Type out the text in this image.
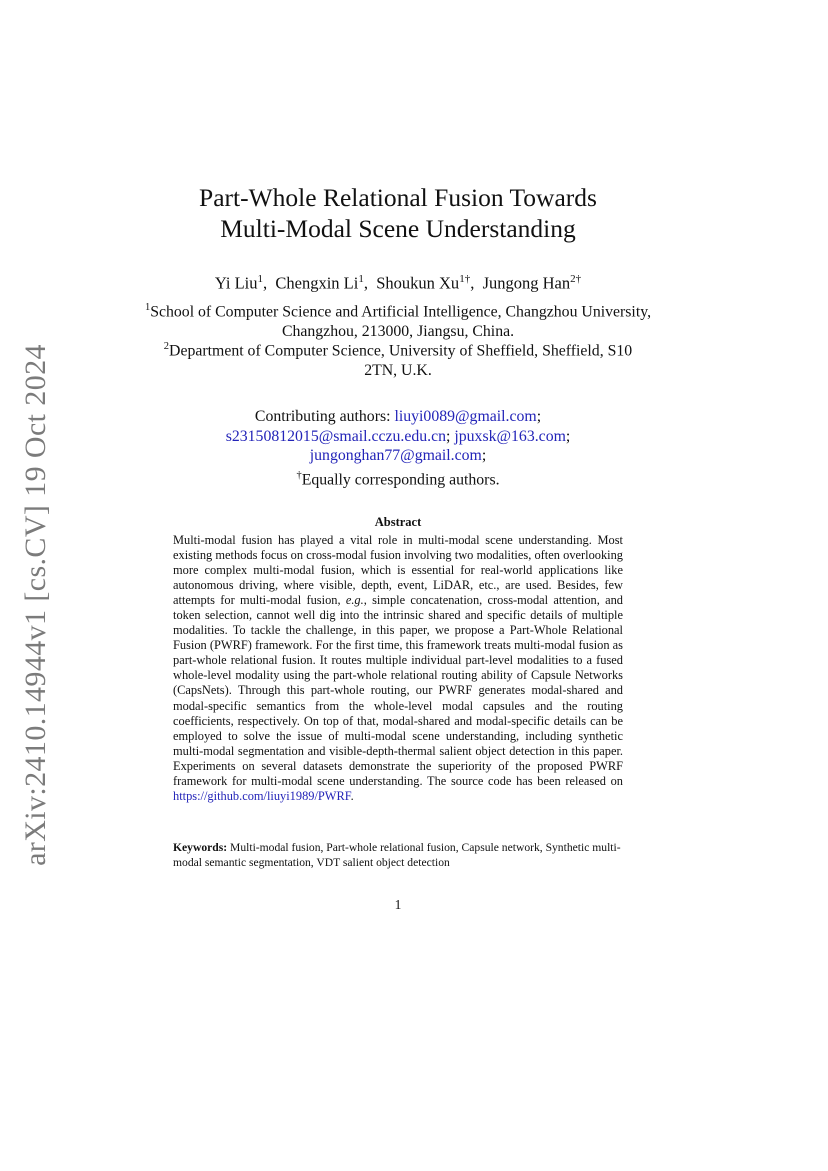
arXiv:2410.14944v1 [cs.CV] 19 Oct 2024
Part-Whole Relational Fusion Towards
Multi-Modal Scene Understanding
Yi Liu$^1$,  Chengxin Li$^1$,  Shoukun $Xu^{1\dagger}$,  Jungong Han$^{2\dagger}$
$^1$School of Computer Science and Artificial Intelligence, Changzhou University, Changzhou, 213000, Jiangsu, China.
$^2$Department of Computer Science, University of Sheffield, Sheffield, S10 2TN, U.K.
Contributing authors: liuyi0089@gmail.com;
s23150812015@smail.cczu.edu.cn; jpuxsk@163.com;
jungonghan77@gmail.com;
†Equally corresponding authors.
Abstract
Multi-modal fusion has played a vital role in multi-modal scene understanding. Most existing methods focus on cross-modal fusion involving two modalities, often overlooking more complex multi-modal fusion, which is essential for real-world applications like autonomous driving, where visible, depth, event, LiDAR, etc., are used. Besides, few attempts for multi-modal fusion, e.g., simple concatenation, cross-modal attention, and token selection, cannot well dig into the intrinsic shared and specific details of multiple modalities. To tackle the challenge, in this paper, we propose a Part-Whole Relational Fusion (PWRF) framework. For the first time, this framework treats multi-modal fusion as part-whole relational fusion. It routes multiple individual part-level modalities to a fused whole-level modality using the part-whole relational routing ability of Capsule Networks (CapsNets). Through this part-whole routing, our PWRF generates modal-shared and modal-specific semantics from the whole-level modal capsules and the routing coefficients, respectively. On top of that, modal-shared and modal-specific details can be employed to solve the issue of multi-modal scene understanding, including synthetic multi-modal segmentation and visible-depth-thermal salient object detection in this paper. Experiments on several datasets demonstrate the superiority of the proposed PWRF framework for multi-modal scene understanding. The source code has been released on https://github.com/liuyi1989/PWRF.
Keywords: Multi-modal fusion, Part-whole relational fusion, Capsule network, Synthetic multi-modal semantic segmentation, VDT salient object detection
1
